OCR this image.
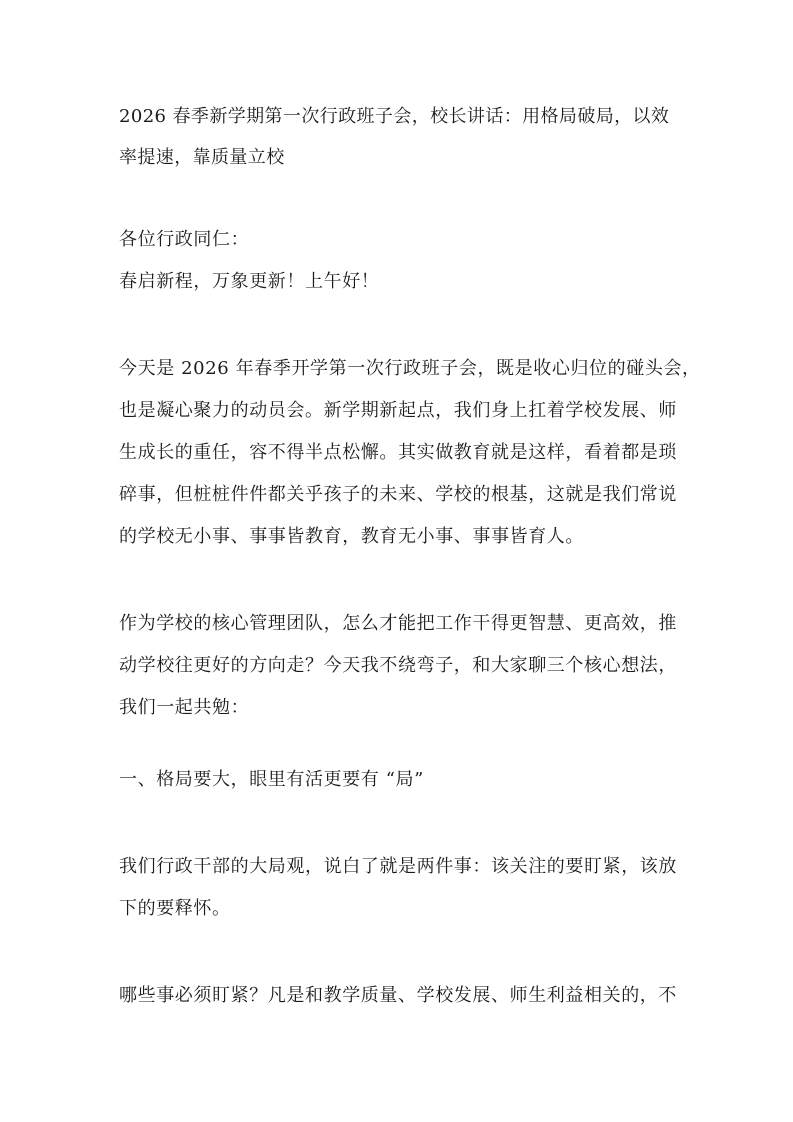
2026 春季新学期第一次行政班子会，校长讲话：用格局破局，以效
率提速，靠质量立校
各位行政同仁：
春启新程，万象更新！上午好！
今天是 2026 年春季开学第一次行政班子会，既是收心归位的碰头会，
也是凝心聚力的动员会。新学期新起点，我们身上扛着学校发展、师
生成长的重任，容不得半点松懈。其实做教育就是这样，看着都是琐
碎事，但桩桩件件都关乎孩子的未来、学校的根基，这就是我们常说
的学校无小事、事事皆教育，教育无小事、事事皆育人。
作为学校的核心管理团队，怎么才能把工作干得更智慧、更高效，推
动学校往更好的方向走？今天我不绕弯子，和大家聊三个核心想法，
我们一起共勉：
一、格局要大，眼里有活更要有 “局”
我们行政干部的大局观，说白了就是两件事：该关注的要盯紧，该放
下的要释怀。
哪些事必须盯紧？凡是和教学质量、学校发展、师生利益相关的，不
